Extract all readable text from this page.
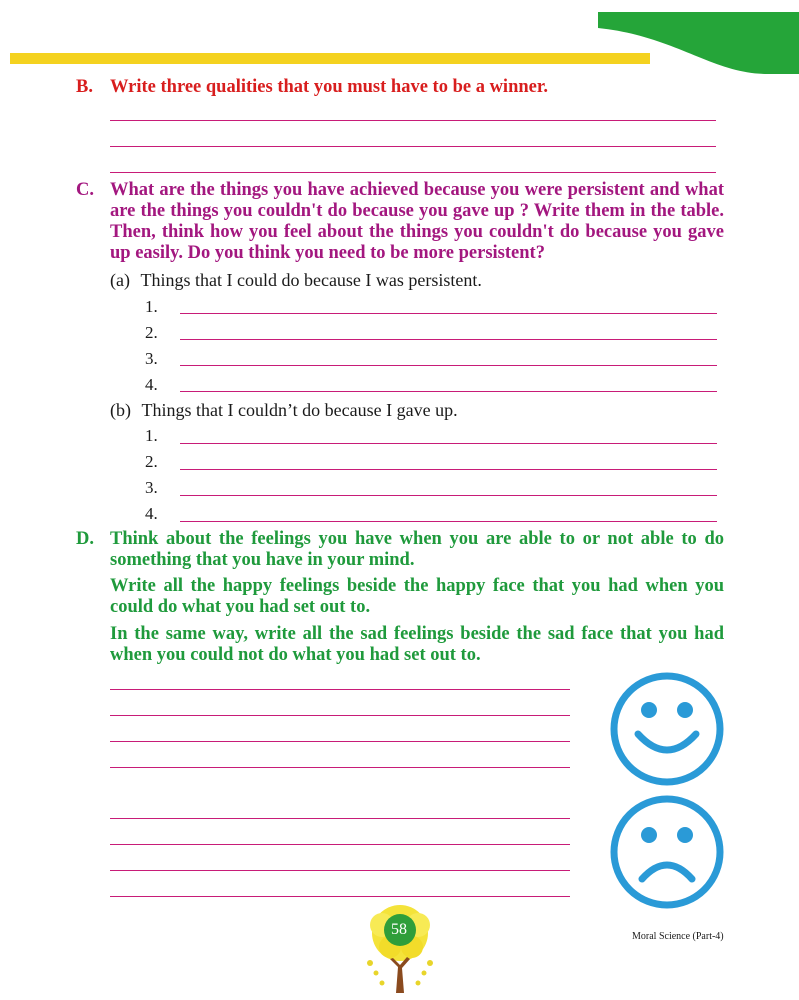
B. Write three qualities that you must have to be a winner.
C. What are the things you have achieved because you were persistent and what are the things you couldn't do because you gave up ? Write them in the table. Then, think how you feel about the things you couldn't do because you gave up easily. Do you think you need to be more persistent?
(a) Things that I could do because I was persistent.
1.
2.
3.
4.
(b) Things that I couldn’t do because I gave up.
1.
2.
3.
4.
D. Think about the feelings you have when you are able to or not able to do something that you have in your mind.
Write all the happy feelings beside the happy face that you had when you could do what you had set out to.
In the same way, write all the sad feelings beside the sad face that you had when you could not do what you had set out to.
58	Moral Science (Part-4)
